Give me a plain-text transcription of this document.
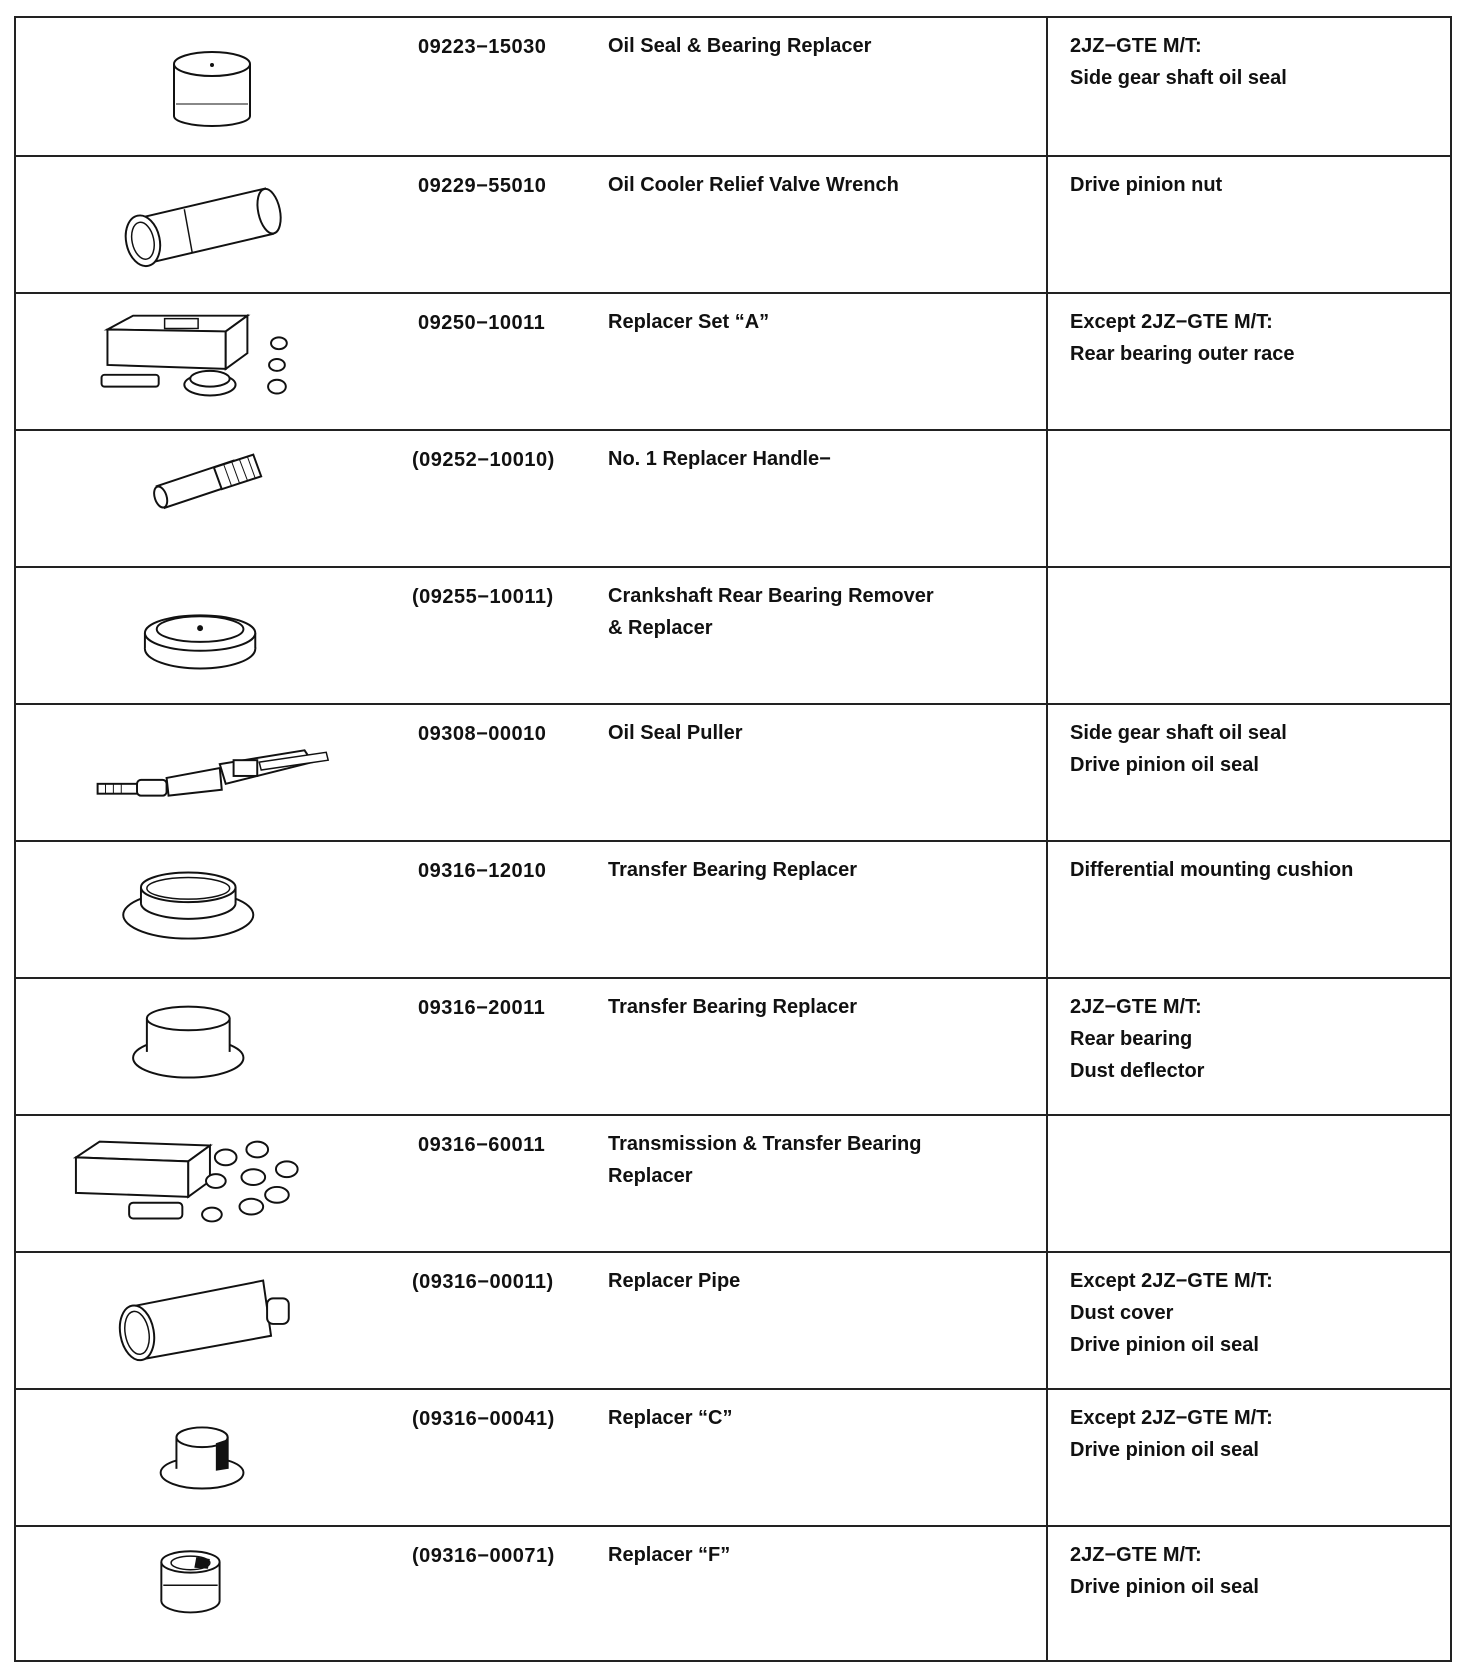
09223−15030	Oil Seal & Bearing Replacer	2JZ−GTE M/T:
Side gear shaft oil seal
09229−55010	Oil Cooler Relief Valve Wrench	Drive pinion nut
09250−10011	Replacer Set “A”	Except 2JZ−GTE M/T:
Rear bearing outer race
(09252−10010)	No. 1 Replacer Handle−
(09255−10011)	Crankshaft Rear Bearing Remover
& Replacer
09308−00010	Oil Seal Puller	Side gear shaft oil seal
Drive pinion oil seal
09316−12010	Transfer Bearing Replacer	Differential mounting cushion
09316−20011	Transfer Bearing Replacer	2JZ−GTE M/T:
Rear bearing
Dust deflector
09316−60011	Transmission & Transfer Bearing
Replacer
(09316−00011)	Replacer Pipe	Except 2JZ−GTE M/T:
Dust cover
Drive pinion oil seal
(09316−00041)	Replacer “C”	Except 2JZ−GTE M/T:
Drive pinion oil seal
(09316−00071)	Replacer “F”	2JZ−GTE M/T:
Drive pinion oil seal
